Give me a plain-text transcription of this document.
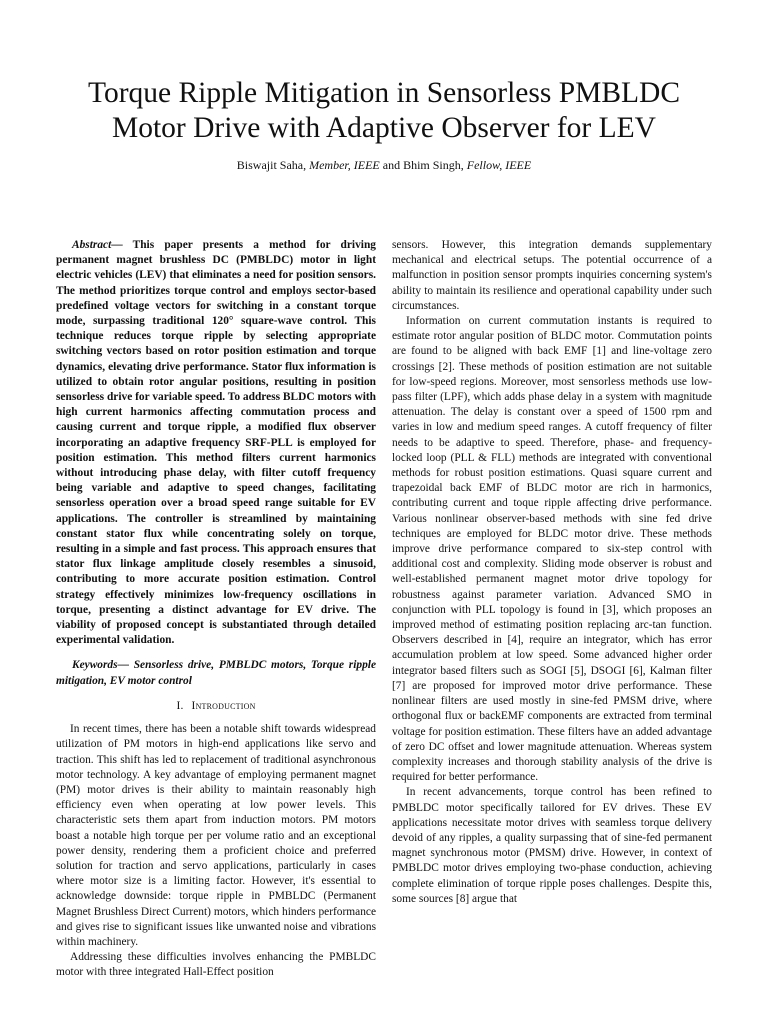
Torque Ripple Mitigation in Sensorless PMBLDC
Motor Drive with Adaptive Observer for LEV
Biswajit Saha, Member, IEEE and Bhim Singh, Fellow, IEEE

Abstract— This paper presents a method for driving permanent magnet brushless DC (PMBLDC) motor in light electric vehicles (LEV) that eliminates a need for position sensors. The method prioritizes torque control and employs sector-based predefined voltage vectors for switching in a constant torque mode, surpassing traditional 120° square-wave control. This technique reduces torque ripple by selecting appropriate switching vectors based on rotor position estimation and torque dynamics, elevating drive performance. Stator flux information is utilized to obtain rotor angular positions, resulting in position sensorless drive for variable speed. To address BLDC motors with high current harmonics affecting commutation process and causing current and torque ripple, a modified flux observer incorporating an adaptive frequency SRF-PLL is employed for position estimation. This method filters current harmonics without introducing phase delay, with filter cutoff frequency being variable and adaptive to speed changes, facilitating sensorless operation over a broad speed range suitable for EV applications. The controller is streamlined by maintaining constant stator flux while concentrating solely on torque, resulting in a simple and fast process. This approach ensures that stator flux linkage amplitude closely resembles a sinusoid, contributing to more accurate position estimation. Control strategy effectively minimizes low-frequency oscillations in torque, presenting a distinct advantage for EV drive. The viability of proposed concept is substantiated through detailed experimental validation.

Keywords— Sensorless drive, PMBLDC motors, Torque ripple mitigation, EV motor control

I. Introduction

In recent times, there has been a notable shift towards widespread utilization of PM motors in high-end applications like servo and traction. This shift has led to replacement of traditional asynchronous motor technology. A key advantage of employing permanent magnet (PM) motor drives is their ability to maintain reasonably high efficiency even when operating at low power levels. This characteristic sets them apart from induction motors. PM motors boast a notable high torque per per volume ratio and an exceptional power density, rendering them a proficient choice and preferred solution for traction and servo applications, particularly in cases where motor size is a limiting factor. However, it's essential to acknowledge downside: torque ripple in PMBLDC (Permanent Magnet Brushless Direct Current) motors, which hinders performance and gives rise to significant issues like unwanted noise and vibrations within machinery.

Addressing these difficulties involves enhancing the PMBLDC motor with three integrated Hall-Effect position

sensors. However, this integration demands supplementary mechanical and electrical setups. The potential occurrence of a malfunction in position sensor prompts inquiries concerning system's ability to maintain its resilience and operational capability under such circumstances.

Information on current commutation instants is required to estimate rotor angular position of BLDC motor. Commutation points are found to be aligned with back EMF [1] and line-voltage zero crossings [2]. These methods of position estimation are not suitable for low-speed regions. Moreover, most sensorless methods use low-pass filter (LPF), which adds phase delay in a system with magnitude attenuation. The delay is constant over a speed of 1500 rpm and varies in low and medium speed ranges. A cutoff frequency of filter needs to be adaptive to speed. Therefore, phase- and frequency-locked loop (PLL & FLL) methods are integrated with conventional methods for robust position estimations. Quasi square current and trapezoidal back EMF of BLDC motor are rich in harmonics, contributing current and toque ripple affecting drive performance. Various nonlinear observer-based methods with sine fed drive techniques are employed for BLDC motor drive. These methods improve drive performance compared to six-step control with additional cost and complexity. Sliding mode observer is robust and well-established permanent magnet motor drive topology for robustness against parameter variation. Advanced SMO in conjunction with PLL topology is found in [3], which proposes an improved method of estimating position replacing arc-tan function. Observers described in [4], require an integrator, which has error accumulation problem at low speed. Some advanced higher order integrator based filters such as SOGI [5], DSOGI [6], Kalman filter [7] are proposed for improved motor drive performance. These nonlinear filters are used mostly in sine-fed PMSM drive, where orthogonal flux or backEMF components are extracted from terminal voltage for position estimation. These filters have an added advantage of zero DC offset and lower magnitude attenuation. Whereas system complexity increases and thorough stability analysis of the drive is required for better performance.

In recent advancements, torque control has been refined to PMBLDC motor specifically tailored for EV drives. These EV applications necessitate motor drives with seamless torque delivery devoid of any ripples, a quality surpassing that of sine-fed permanent magnet synchronous motor (PMSM) drive. However, in context of PMBLDC motor drives employing two-phase conduction, achieving complete elimination of torque ripple poses challenges. Despite this, some sources [8] argue that
